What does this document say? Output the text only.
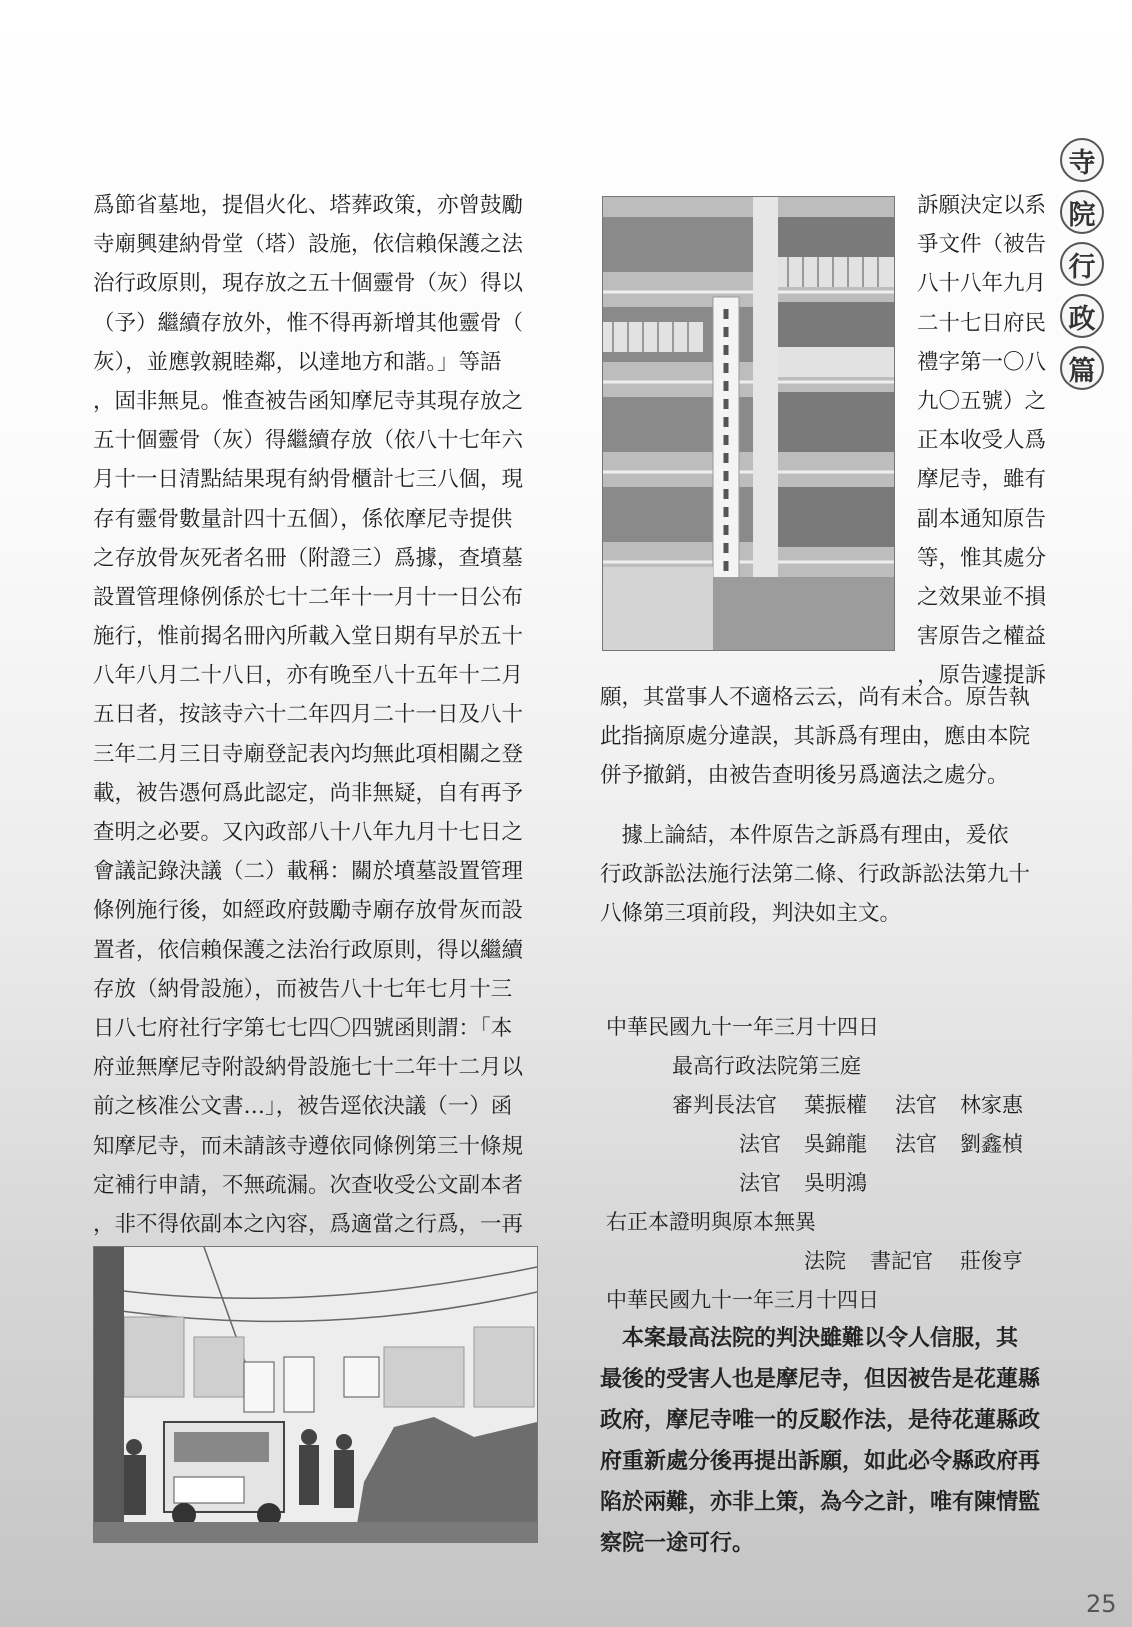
寺
院
行
政
篇
爲節省墓地，提倡火化、塔葬政策，亦曾鼓勵
寺廟興建納骨堂（塔）設施，依信賴保護之法
治行政原則，現存放之五十個靈骨（灰）得以
（予）繼續存放外，惟不得再新增其他靈骨（
灰），並應敦親睦鄰，以達地方和諧。」等語
，固非無見。惟查被告函知摩尼寺其現存放之
五十個靈骨（灰）得繼續存放（依八十七年六
月十一日清點結果現有納骨櫃計七三八個，現
存有靈骨數量計四十五個），係依摩尼寺提供
之存放骨灰死者名冊（附證三）爲據，查墳墓
設置管理條例係於七十二年十一月十一日公布
施行，惟前揭名冊內所載入堂日期有早於五十
八年八月二十八日，亦有晚至八十五年十二月
五日者，按該寺六十二年四月二十一日及八十
三年二月三日寺廟登記表內均無此項相關之登
載，被告憑何爲此認定，尚非無疑，自有再予
查明之必要。又內政部八十八年九月十七日之
會議記錄決議（二）載稱：關於墳墓設置管理
條例施行後，如經政府鼓勵寺廟存放骨灰而設
置者，依信賴保護之法治行政原則，得以繼續
存放（納骨設施），而被告八十七年七月十三
日八七府社行字第七七四〇四號函則謂：「本
府並無摩尼寺附設納骨設施七十二年十二月以
前之核准公文書…」，被告逕依決議（一）函
知摩尼寺，而未請該寺遵依同條例第三十條規
定補行申請，不無疏漏。次查收受公文副本者
，非不得依副本之內容，爲適當之行爲，一再
訴願決定以系
爭文件（被告
八十八年九月
二十七日府民
禮字第一〇八
九〇五號）之
正本收受人爲
摩尼寺，雖有
副本通知原告
等，惟其處分
之效果並不損
害原告之權益
，原告遽提訴
願，其當事人不適格云云，尚有未合。原告執
此指摘原處分違誤，其訴爲有理由，應由本院
併予撤銷，由被告查明後另爲適法之處分。
　據上論結，本件原告之訴爲有理由，爰依
行政訴訟法施行法第二條、行政訴訟法第九十
八條第三項前段，判決如主文。
中華民國九十一年三月十四日
最高行政法院第三庭
審判長法官 葉振權 法官 林家惠
法官 吳錦龍 法官 劉鑫楨
法官 吳明鴻
右正本證明與原本無異
法院 書記官 莊俊亨
中華民國九十一年三月十四日
　本案最高法院的判決雖難以令人信服，其
最後的受害人也是摩尼寺，但因被告是花蓮縣
政府，摩尼寺唯一的反駁作法，是待花蓮縣政
府重新處分後再提出訴願，如此必令縣政府再
陷於兩難，亦非上策，為今之計，唯有陳情監
察院一途可行。
25
